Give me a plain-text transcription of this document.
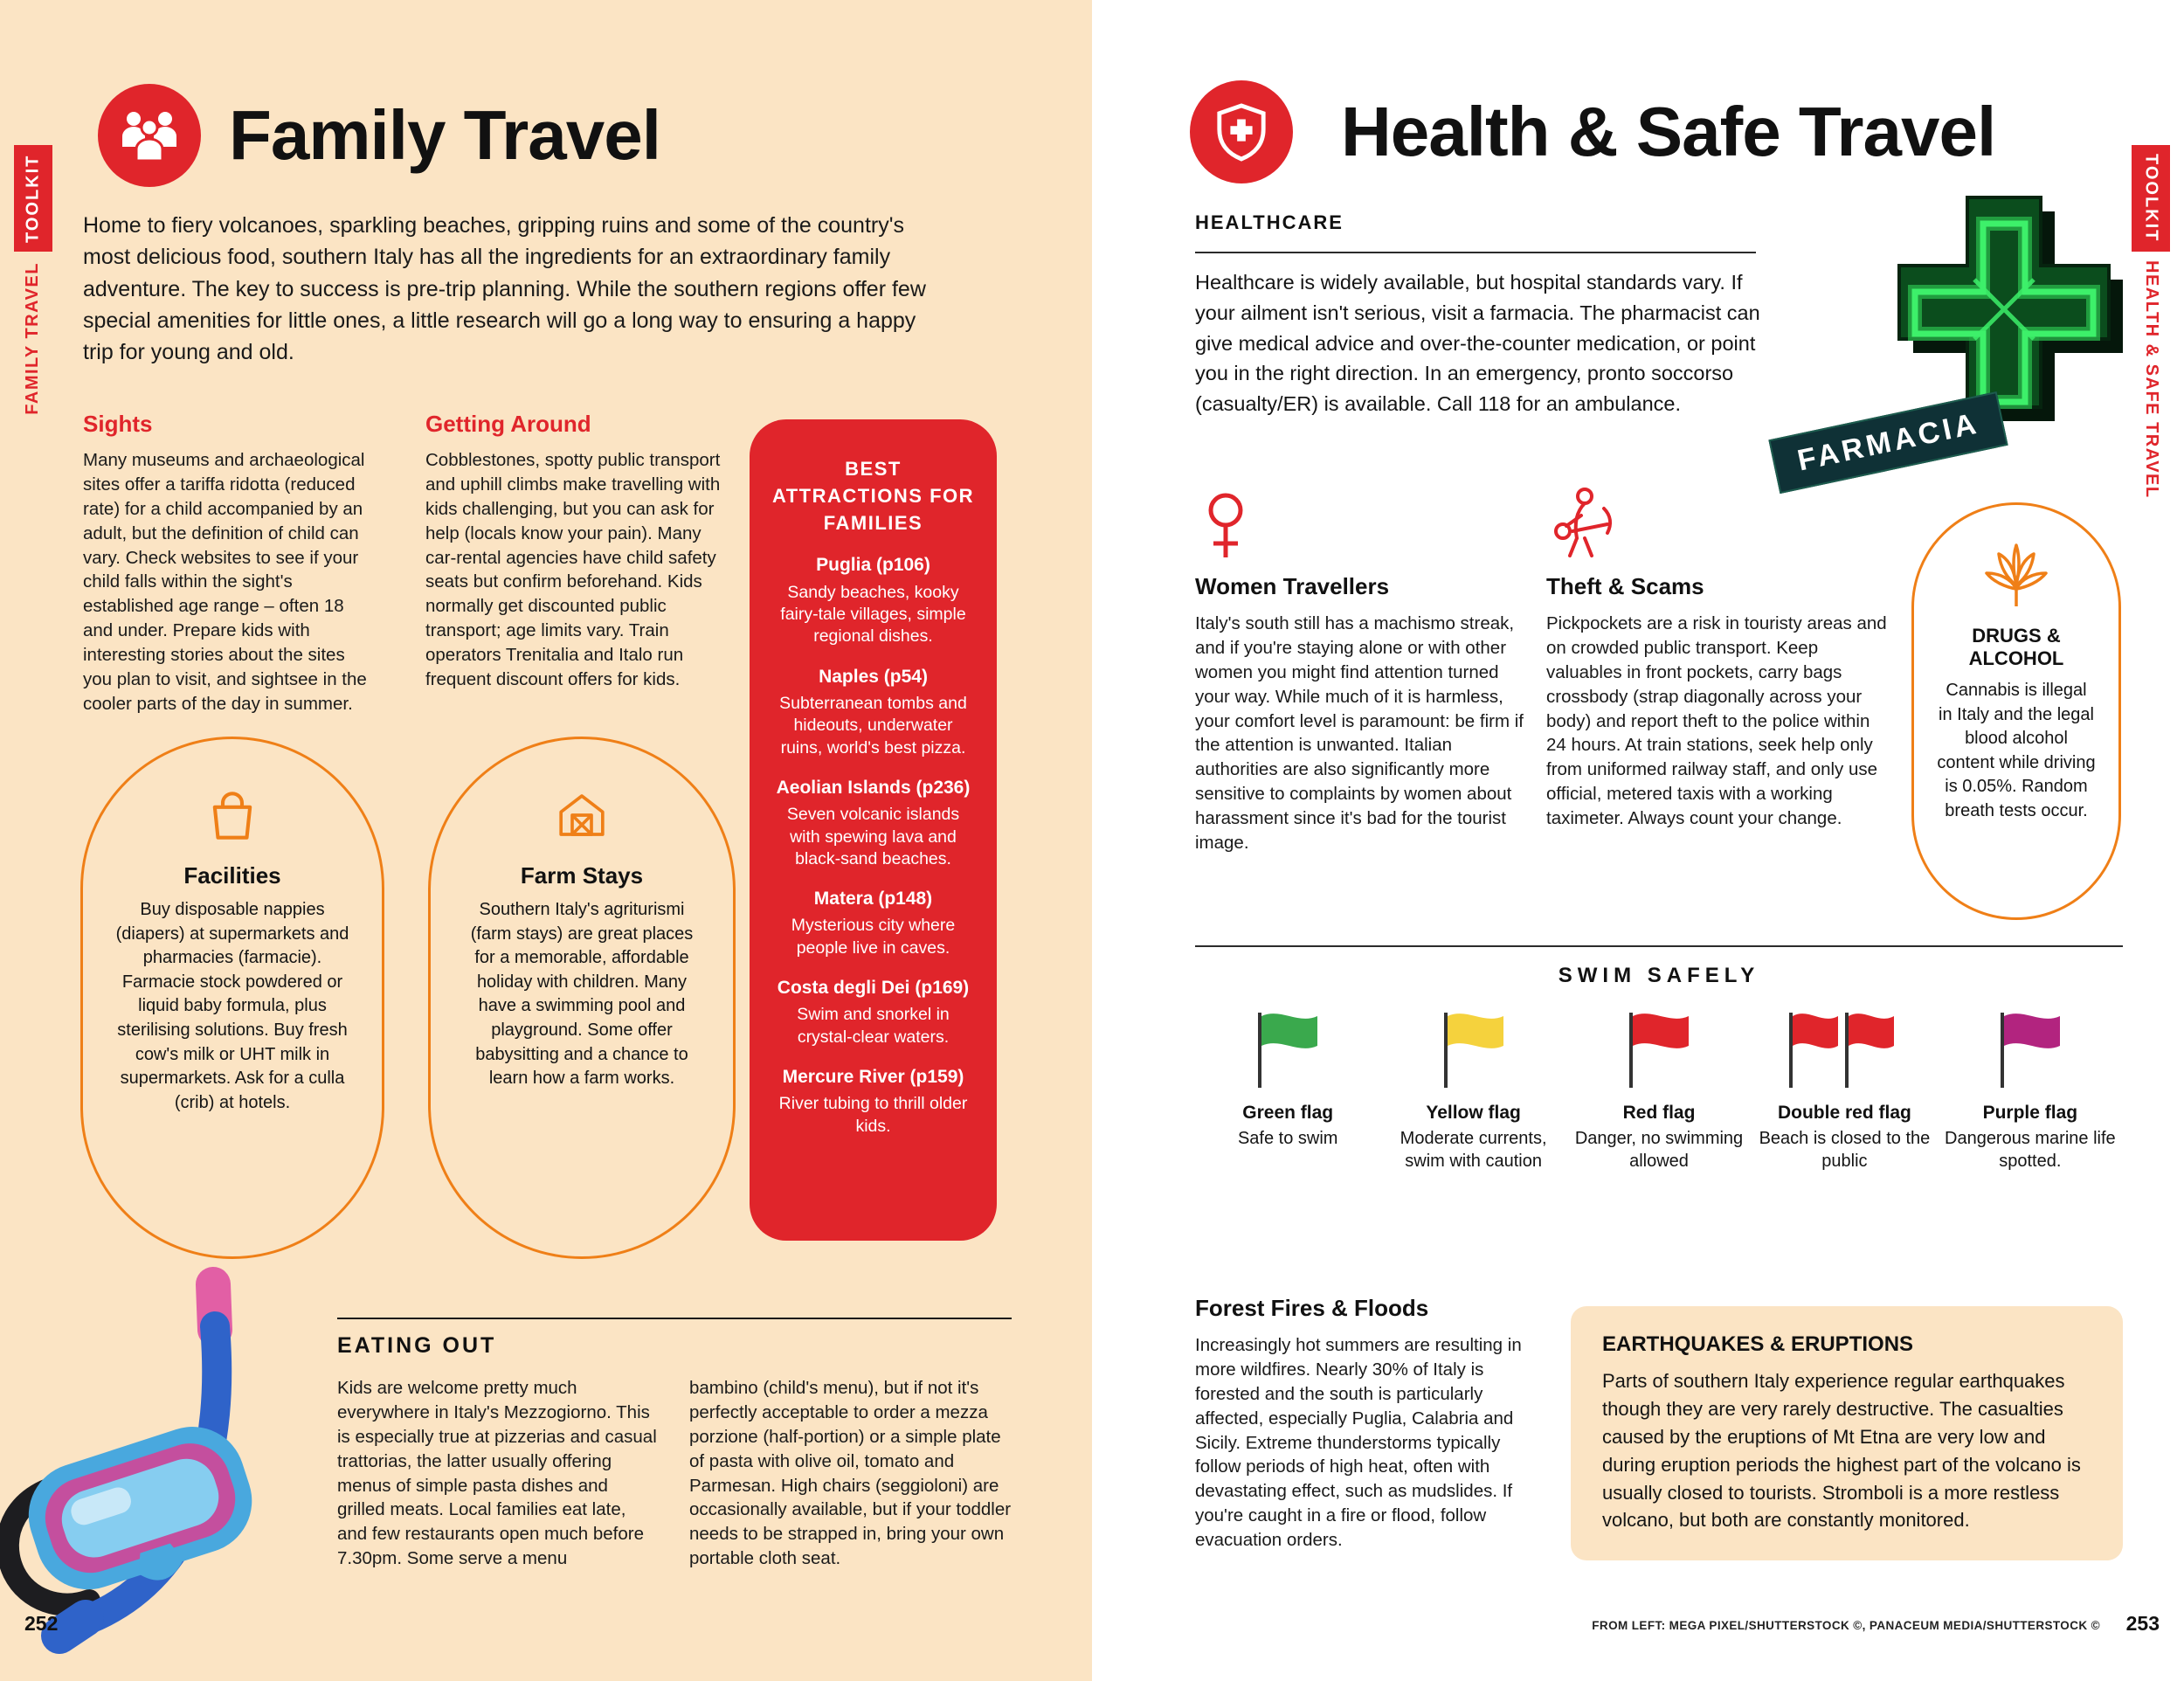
TOOLKIT
FAMILY TRAVEL
Family Travel

Home to fiery volcanoes, sparkling beaches, gripping ruins and some of the country's most delicious food, southern Italy has all the ingredients for an extraordinary family adventure. The key to success is pre-trip planning. While the southern regions offer few special amenities for little ones, a little research will go a long way to ensuring a happy trip for young and old.

Sights

Many museums and archaeological sites offer a tariffa ridotta (reduced rate) for a child accompanied by an adult, but the definition of child can vary. Check websites to see if your child falls within the sight's established age range – often 18 and under. Prepare kids with interesting stories about the sites you plan to visit, and sightsee in the cooler parts of the day in summer.

Getting Around

Cobblestones, spotty public transport and uphill climbs make travelling with kids challenging, but you can ask for help (locals know your pain). Many car-rental agencies have child safety seats but confirm beforehand. Kids normally get discounted public transport; age limits vary. Train operators Trenitalia and Italo run frequent discount offers for kids.

BEST ATTRACTIONS FOR FAMILIES
Puglia (p106)
Sandy beaches, kooky fairy-tale villages, simple regional dishes.
Naples (p54)
Subterranean tombs and hideouts, underwater ruins, world's best pizza.
Aeolian Islands (p236)
Seven volcanic islands with spewing lava and black-sand beaches.
Matera (p148)
Mysterious city where people live in caves.
Costa degli Dei (p169)
Swim and snorkel in crystal-clear waters.
Mercure River (p159)
River tubing to thrill older kids.
Facilities

Buy disposable nappies (diapers) at supermarkets and pharmacies (farmacie). Farmacie stock powdered or liquid baby formula, plus sterilising solutions. Buy fresh cow's milk or UHT milk in supermarkets. Ask for a culla (crib) at hotels.

Farm Stays

Southern Italy's agriturismi (farm stays) are great places for a memorable, affordable holiday with children. Many have a swimming pool and playground. Some offer babysitting and a chance to learn how a farm works.

EATING OUT

Kids are welcome pretty much everywhere in Italy's Mezzogiorno. This is especially true at pizzerias and casual trattorias, the latter usually offering menus of simple pasta dishes and grilled meats. Local families eat late, and few restaurants open much before 7.30pm. Some serve a menu

bambino (child's menu), but if not it's perfectly acceptable to order a mezza porzione (half-portion) or a simple plate of pasta with olive oil, tomato and Parmesan. High chairs (seggioloni) are occasionally available, but if your toddler needs to be strapped in, bring your own portable cloth seat.

252
TOOLKIT
HEALTH & SAFE TRAVEL
Health & Safe Travel
HEALTHCARE

Healthcare is widely available, but hospital standards vary. If your ailment isn't serious, visit a farmacia. The pharmacist can give medical advice and over-the-counter medication, or point you in the right direction. In an emergency, pronto soccorso (casualty/ER) is available. Call 118 for an ambulance.

FARMACIA
Women Travellers

Italy's south still has a machismo streak, and if you're staying alone or with other women you might find attention turned your way. While much of it is harmless, your comfort level is paramount: be firm if the attention is unwanted. Italian authorities are also significantly more sensitive to complaints by women about harassment since it's bad for the tourist image.

Theft & Scams

Pickpockets are a risk in touristy areas and on crowded public transport. Keep valuables in front pockets, carry bags crossbody (strap diagonally across your body) and report theft to the police within 24 hours. At train stations, seek help only from uniformed railway staff, and only use official, metered taxis with a working taximeter. Always count your change.

DRUGS & ALCOHOL

Cannabis is illegal in Italy and the legal blood alcohol content while driving is 0.05%. Random breath tests occur.

SWIM SAFELY
Green flag
Safe to swim
Yellow flag
Moderate currents, swim with caution
Red flag
Danger, no swimming allowed
Double red flag
Beach is closed to the public
Purple flag
Dangerous marine life spotted.
Forest Fires & Floods

Increasingly hot summers are resulting in more wildfires. Nearly 30% of Italy is forested and the south is particularly affected, especially Puglia, Calabria and Sicily. Extreme thunderstorms typically follow periods of high heat, often with devastating effect, such as mudslides. If you're caught in a fire or flood, follow evacuation orders.

EARTHQUAKES & ERUPTIONS

Parts of southern Italy experience regular earthquakes though they are very rarely destructive. The casualties caused by the eruptions of Mt Etna are very low and during eruption periods the highest part of the volcano is usually closed to tourists. Stromboli is a more restless volcano, but both are constantly monitored.

FROM LEFT: MEGA PIXEL/SHUTTERSTOCK ©, PANACEUM MEDIA/SHUTTERSTOCK © 253
